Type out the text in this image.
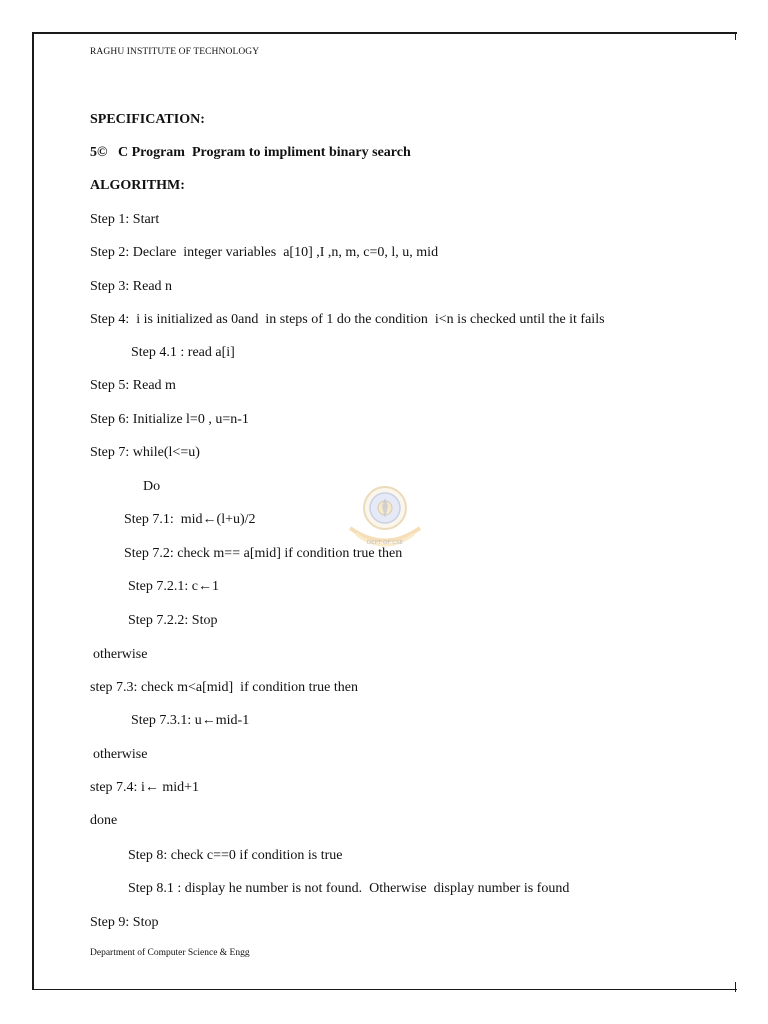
RAGHU INSTITUTE OF TECHNOLOGY

SPECIFICATION:

5©   C Program  Program to impliment binary search

ALGORITHM:

Step 1: Start

Step 2: Declare  integer variables  a[10] ,I ,n, m, c=0, l, u, mid

Step 3: Read n

Step 4:  i is initialized as 0and  in steps of 1 do the condition  i<n is checked until the it fails

Step 4.1 : read a[i]

Step 5: Read m

Step 6: Initialize l=0 , u=n-1

Step 7: while(l<=u)

Do

Step 7.1:  mid←(l+u)/2

Step 7.2: check m== a[mid] if condition true then

Step 7.2.1: c←1

Step 7.2.2: Stop

otherwise

step 7.3: check m<a[mid]  if condition true then

Step 7.3.1: u←mid-1

otherwise

step 7.4: i← mid+1

done

Step 8: check c==0 if condition is true

Step 8.1 : display he number is not found.  Otherwise  display number is found

Step 9: Stop

Department of Computer Science & Engg

DEPT OF CSE
